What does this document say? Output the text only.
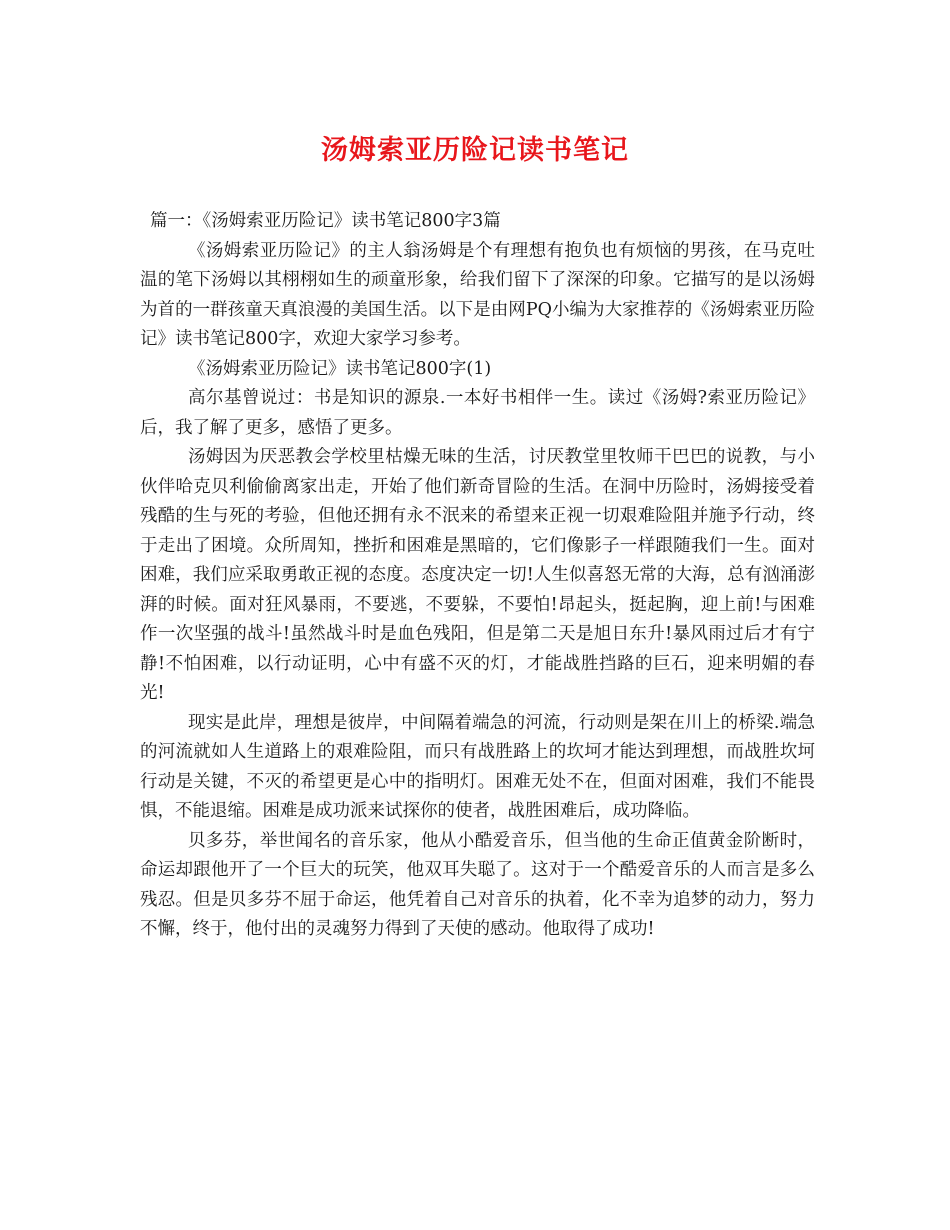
汤姆索亚历险记读书笔记

篇一：《汤姆索亚历险记》读书笔记800字3篇

《汤姆索亚历险记》的主人翁汤姆是个有理想有抱负也有烦恼的男孩，在马克吐温的笔下汤姆以其栩栩如生的顽童形象，给我们留下了深深的印象。它描写的是以汤姆为首的一群孩童天真浪漫的美国生活。以下是由网PQ小编为大家推荐的《汤姆索亚历险记》读书笔记800字，欢迎大家学习参考。

《汤姆索亚历险记》读书笔记800字(1)

高尔基曾说过：书是知识的源泉.一本好书相伴一生。读过《汤姆?索亚历险记》后，我了解了更多，感悟了更多。

汤姆因为厌恶教会学校里枯燥无味的生活，讨厌教堂里牧师干巴巴的说教，与小伙伴哈克贝利偷偷离家出走，开始了他们新奇冒险的生活。在洞中历险时，汤姆接受着残酷的生与死的考验，但他还拥有永不泯来的希望来正视一切艰难险阻并施予行动，终于走出了困境。众所周知，挫折和困难是黑暗的，它们像影子一样跟随我们一生。面对困难，我们应采取勇敢正视的态度。态度决定一切!人生似喜怒无常的大海，总有汹涌澎湃的时候。面对狂风暴雨，不要逃，不要躲，不要怕!昂起头，挺起胸，迎上前!与困难作一次坚强的战斗!虽然战斗时是血色残阳，但是第二天是旭日东升!暴风雨过后才有宁静!不怕困难，以行动证明，心中有盛不灭的灯，才能战胜挡路的巨石，迎来明媚的春光!

现实是此岸，理想是彼岸，中间隔着端急的河流，行动则是架在川上的桥梁.端急的河流就如人生道路上的艰难险阻，而只有战胜路上的坎坷才能达到理想，而战胜坎坷行动是关键，不灭的希望更是心中的指明灯。困难无处不在，但面对困难，我们不能畏惧，不能退缩。困难是成功派来试探你的使者，战胜困难后，成功降临。

贝多芬，举世闻名的音乐家，他从小酷爱音乐，但当他的生命正值黄金阶断时，命运却跟他开了一个巨大的玩笑，他双耳失聪了。这对于一个酷爱音乐的人而言是多么残忍。但是贝多芬不屈于命运，他凭着自己对音乐的执着，化不幸为追梦的动力，努力不懈，终于，他付出的灵魂努力得到了天使的感动。他取得了成功!
